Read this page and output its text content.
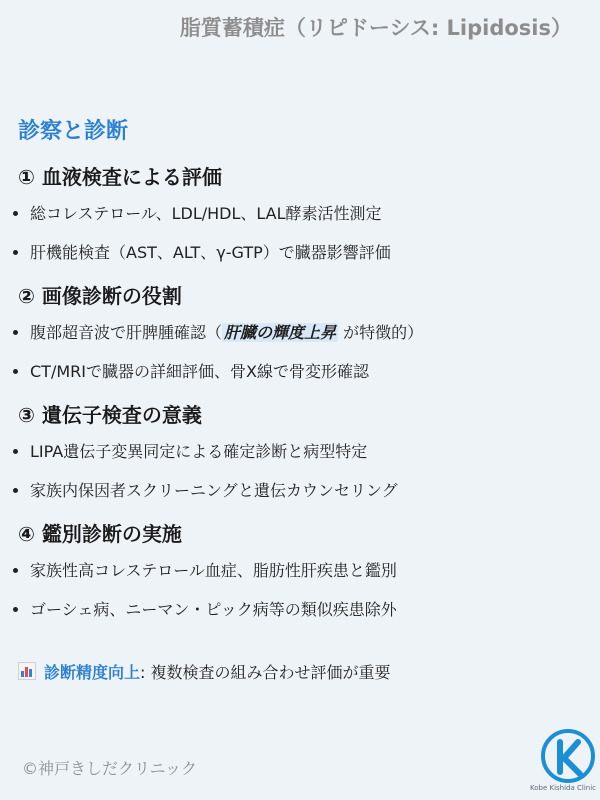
脂質蓄積症（リピドーシス: Lipidosis）
診察と診断
① 血液検査による評価
総コレステロール、LDL/HDL、LAL酵素活性測定
肝機能検査（AST、ALT、γ-GTP）で臓器影響評価
② 画像診断の役割
腹部超音波で肝脾腫確認（ 肝臓の輝度上昇 が特徴的）
CT/MRIで臓器の詳細評価、骨X線で骨変形確認
③ 遺伝子検査の意義
LIPA遺伝子変異同定による確定診断と病型特定
家族内保因者スクリーニングと遺伝カウンセリング
④ 鑑別診断の実施
家族性高コレステロール血症、脂肪性肝疾患と鑑別
ゴーシェ病、ニーマン・ピック病等の類似疾患除外
診断精度向上: 複数検査の組み合わせ評価が重要
©神戸きしだクリニック
Kobe Kishida Clinic
